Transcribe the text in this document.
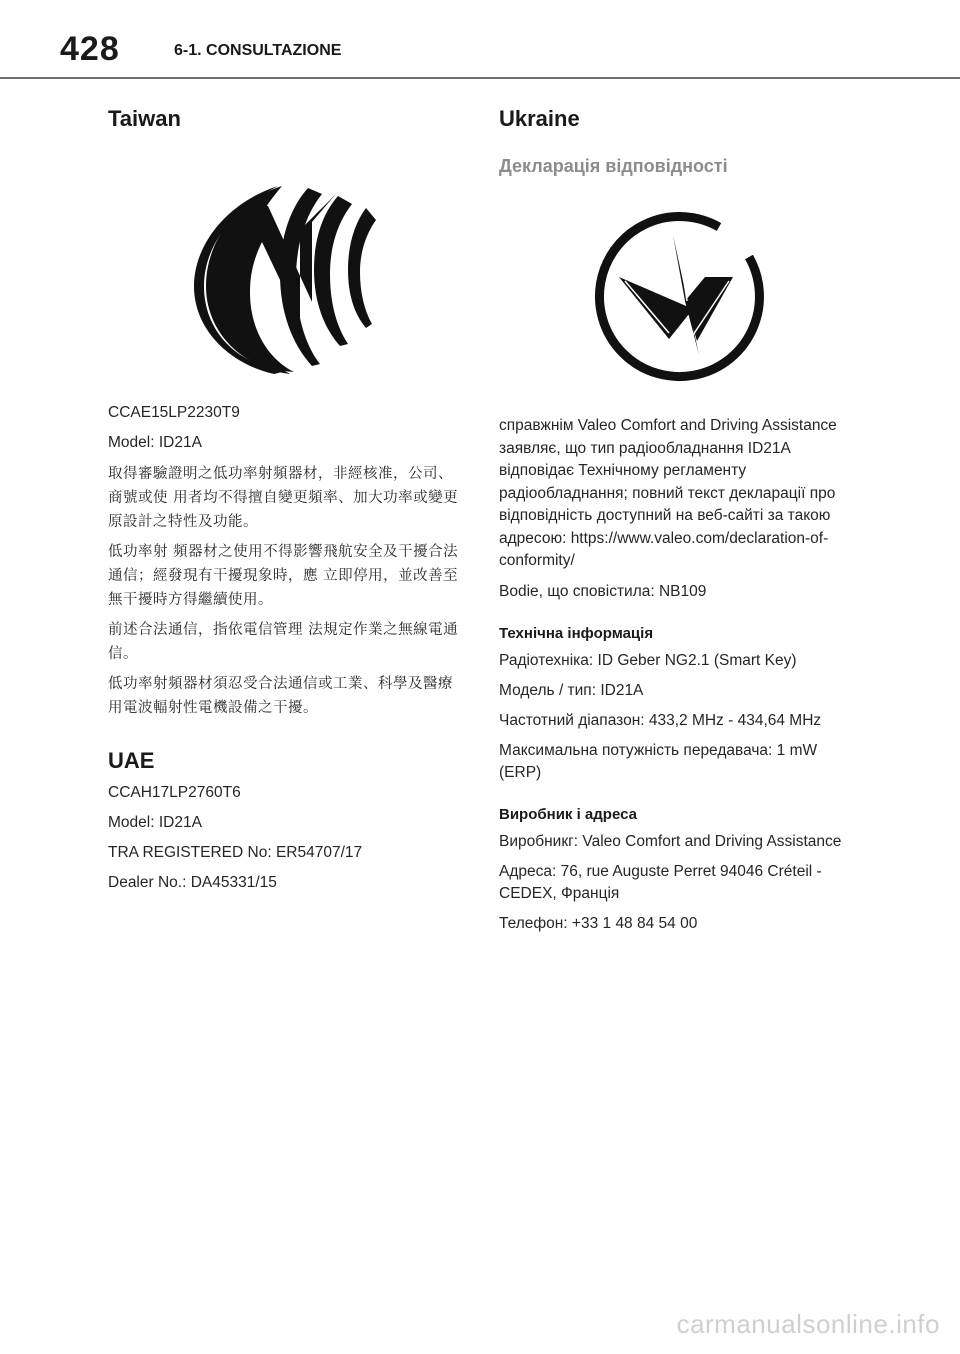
428	6-1. CONSULTAZIONE
Taiwan

CCAE15LP2230T9

Model: ID21A

取得審驗證明之低功率射頻器材，非經核准，公司、商號或使 用者均不得擅自變更頻率、加大功率或變更原設計之特性及功能。

低功率射 頻器材之使用不得影響飛航安全及干擾合法通信；經發現有干擾現象時，應 立即停用，並改善至無干擾時方得繼續使用。

前述合法通信，指依電信管理 法規定作業之無線電通信。

低功率射頻器材須忍受合法通信或工業、科學及醫療用電波輻射性電機設備之干擾。

UAE

CCAH17LP2760T6

Model: ID21A

TRA REGISTERED No: ER54707/17

Dealer No.: DA45331/15

Ukraine
Декларація відповідності

справжнім Valeo Comfort and Driving Assistance заявляє, що тип радіообладнання ID21A відповідає Технічному регламенту радіообладнання; повний текст декларації про відповідність доступний на веб-сайті за такою адресою: https://www.valeo.com/declaration-of-conformity/

Bodie, що сповістила: NB109

Технічна інформація

Радіотехніка: ID Geber NG2.1 (Smart Key)

Модель / тип: ID21A

Частотний діапазон: 433,2 MHz - 434,64 MHz

Максимальна потужність передавача: 1 mW (ERP)

Виробник і адреса

Виробникг: Valeo Comfort and Driving Assistance

Адреса: 76, rue Auguste Perret 94046 Créteil - CEDEX, Франція

Телефон: +33 1 48 84 54 00

carmanualsonline.info
